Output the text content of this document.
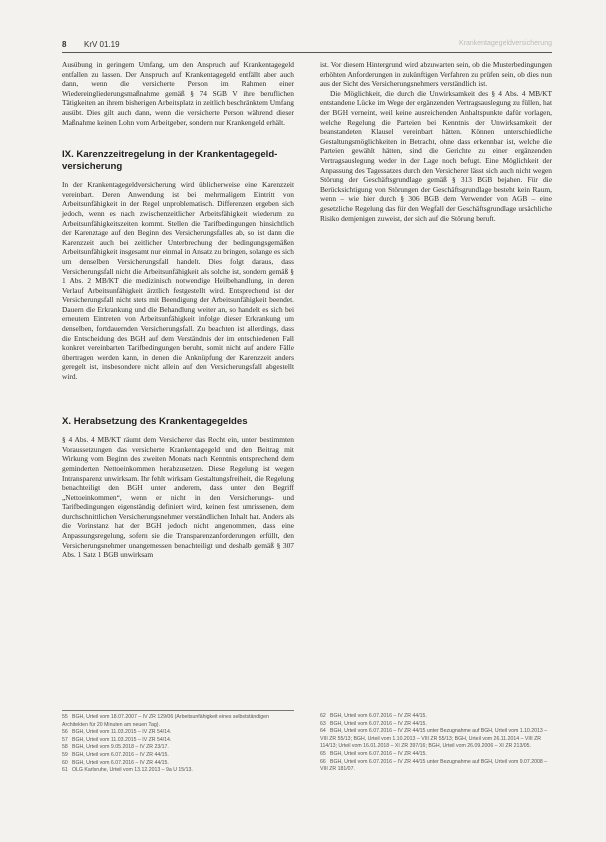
8 KrV 01.19	Krankentagegeldversicherung

Ausübung in geringem Umfang, um den Anspruch auf Krankentagegeld entfallen zu lassen. Der Anspruch auf Krankentagegeld entfällt aber auch dann, wenn die versicherte Person im Rahmen einer Wiedereingliederungsmaßnahme gemäß § 74 SGB V ihre beruflichen Tätigkeiten an ihrem bisherigen Arbeitsplatz in zeitlich beschränktem Umfang ausübt. Dies gilt auch dann, wenn die versicherte Person während dieser Maßnahme keinen Lohn vom Arbeitgeber, sondern nur Krankengeld erhält.

IX. Karenzzeitregelung in der Krankentagegeld-versicherung

In der Krankentagegeldversicherung wird üblicherweise eine Karenzzeit vereinbart. Deren Anwendung ist bei mehrmaligem Eintritt von Arbeitsunfähigkeit in der Regel unproblematisch. Differenzen ergeben sich jedoch, wenn es nach zwischenzeitlicher Arbeitsfähigkeit wiederum zu Arbeitsunfähigkeitszeiten kommt. Stellen die Tarifbedingungen hinsichtlich der Karenztage auf den Beginn des Versicherungsfalles ab, so ist dann die Karenzzeit auch bei zeitlicher Unterbrechung der bedingungsgemäßen Arbeitsunfähigkeit insgesamt nur einmal in Ansatz zu bringen, solange es sich um denselben Versicherungsfall handelt. Dies folgt daraus, dass Versicherungsfall nicht die Arbeitsunfähigkeit als solche ist, sondern gemäß § 1 Abs. 2 MB/KT die medizinisch notwendige Heilbehandlung, in deren Verlauf Arbeitsunfähigkeit ärztlich festgestellt wird. Entsprechend ist der Versicherungsfall nicht stets mit Beendigung der Arbeitsunfähigkeit beendet. Dauern die Erkrankung und die Behandlung weiter an, so handelt es sich bei erneutem Eintreten von Arbeitsunfähigkeit infolge dieser Erkrankung um denselben, fortdauernden Versicherungsfall. Zu beachten ist allerdings, dass die Entscheidung des BGH auf dem Verständnis der im entschiedenen Fall konkret vereinbarten Tarifbedingungen beruht, somit nicht auf andere Fälle übertragen werden kann, in denen die Anknüpfung der Karenzzeit anders geregelt ist, insbesondere nicht allein auf den Versicherungsfall abgestellt wird.

X. Herabsetzung des Krankentagegeldes

§ 4 Abs. 4 MB/KT räumt dem Versicherer das Recht ein, unter bestimmten Voraussetzungen das versicherte Krankentagegeld und den Beitrag mit Wirkung vom Beginn des zweiten Monats nach Kenntnis entsprechend dem geminderten Nettoeinkommen herabzusetzen. Diese Regelung ist wegen Intransparenz unwirksam. Ihr fehlt wirksam Gestaltungsfreiheit, die Regelung benachteiligt den BGH unter anderem, dass unter den Begriff „Nettoeinkommen“, wenn er nicht in den Versicherungs- und Tarifbedingungen eigenständig definiert wird, keinen fest umrissenen, dem durchschnittlichen Versicherungsnehmer verständlichen Inhalt hat. Anders als die Vorinstanz hat der BGH jedoch nicht angenommen, dass eine Anpassungsregelung, sofern sie die Transparenzanforderungen erfüllt, den Versicherungsnehmer unangemessen benachteiligt und deshalb gemäß § 307 Abs. 1 Satz 1 BGB unwirksam

ist. Vor diesem Hintergrund wird abzuwarten sein, ob die Musterbedingungen erhöhten Anforderungen in zukünftigen Verfahren zu prüfen sein, ob dies nun aus der Sicht des Versicherungsnehmers verständlich ist.

Die Möglichkeit, die durch die Unwirksamkeit des § 4 Abs. 4 MB/KT entstandene Lücke im Wege der ergänzenden Vertragsauslegung zu füllen, hat der BGH verneint, weil keine ausreichenden Anhaltspunkte dafür vorlagen, welche Regelung die Parteien bei Kenntnis der Unwirksamkeit der beanstandeten Klausel vereinbart hätten. Können unterschiedliche Gestaltungsmöglichkeiten in Betracht, ohne dass erkennbar ist, welche die Parteien gewählt hätten, sind die Gerichte zu einer ergänzenden Vertragsauslegung weder in der Lage noch befugt. Eine Möglichkeit der Anpassung des Tagessatzes durch den Versicherer lässt sich auch nicht wegen Störung der Geschäftsgrundlage gemäß § 313 BGB bejahen. Für die Berücksichtigung von Störungen der Geschäftsgrundlage besteht kein Raum, wenn – wie hier durch § 306 BGB dem Verwender von AGB – eine gesetzliche Regelung das für den Wegfall der Geschäftsgrundlage ursächliche Risiko demjenigen zuweist, der sich auf die Störung beruft.

55 BGH, Urteil vom 18.07.2007 – IV ZR 129/06 (Arbeitsunfähigkeit eines selbstständigen Architekten für 20 Minuten am neuen Tag).

56 BGH, Urteil vom 11.03.2015 – IV ZR 54/14.

57 BGH, Urteil vom 11.03.2015 – IV ZR 54/14.

58 BGH, Urteil vom 9.05.2018 – IV ZR 23/17.

59 BGH, Urteil vom 6.07.2016 – IV ZR 44/15.

60 BGH, Urteil vom 6.07.2016 – IV ZR 44/15.

61 OLG Karlsruhe, Urteil vom 13.12.2013 – 9a U 15/13.

62 BGH, Urteil vom 6.07.2016 – IV ZR 44/15.

63 BGH, Urteil vom 6.07.2016 – IV ZR 44/15.

64 BGH, Urteil vom 6.07.2016 – IV ZR 44/15 unter Bezugnahme auf BGH, Urteil vom 1.10.2013 – VIII ZR 55/13; BGH, Urteil vom 1.10.2013 – VIII ZR 55/13; BGH, Urteil vom 26.11.2014 – VIII ZR 114/13; Urteil vom 16.01.2018 – XI ZR 397/16; BGH, Urteil vom 26.09.2006 – XI ZR 213/05.

65 BGH, Urteil vom 6.07.2016 – IV ZR 44/15.

66 BGH, Urteil vom 6.07.2016 – IV ZR 44/15 unter Bezugnahme auf BGH, Urteil vom 9.07.2008 – VIII ZR 181/07.
